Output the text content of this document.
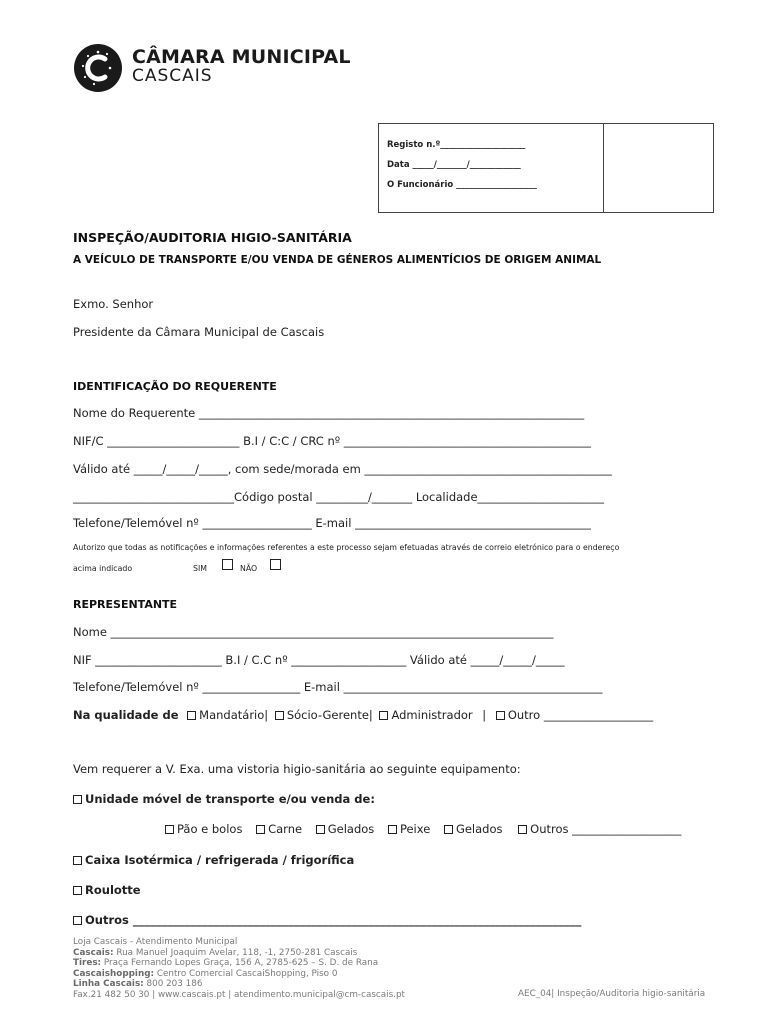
CÂMARA MUNICIPAL
CASCAIS
Registo n.º____________________
Data _____/_______/____________
O Funcionário ___________________
INSPEÇÃO/AUDITORIA HIGIO-SANITÁRIA
A VEÍCULO DE TRANSPORTE E/OU VENDA DE GÉNEROS ALIMENTÍCIOS DE ORIGEM ANIMAL
Exmo. Senhor
Presidente da Câmara Municipal de Cascais
IDENTIFICAÇÃO DO REQUERENTE
Nome do Requerente ___________________________________________________________________
NIF/C _______________________ B.I / C:C / CRC nº ___________________________________________
Válido até _____/_____/_____, com sede/morada em ___________________________________________
____________________________Código postal _________/_______ Localidade______________________
Telefone/Telemóvel nº ___________________ E-mail _________________________________________
Autorizo que todas as notificações e informações referentes a este processo sejam efetuadas através de correio eletrónico para o endereço
acima indicado	SIM	NÃO
REPRESENTANTE
Nome _____________________________________________________________________________
NIF ______________________ B.I / C.C nº ____________________ Válido até _____/_____/_____
Telefone/Telemóvel nº _________________ E-mail _____________________________________________
Na qualidade de Mandatário| Sócio-Gerente| Administrador | Outro ___________________
Vem requerer a V. Exa. uma vistoria higio-sanitária ao seguinte equipamento:
Unidade móvel de transporte e/ou venda de:
Pão e bolos Carne Gelados Peixe Gelados Outros ___________________
Caixa Isotérmica / refrigerada / frigorífica
Roulotte
Outros ______________________________________________________________________________
Loja Cascais - Atendimento Municipal
Cascais: Rua Manuel Joaquim Avelar, 118, -1, 2750-281 Cascais
Tires: Praça Fernando Lopes Graça, 156 A, 2785-625 – S. D. de Rana
Cascaishopping: Centro Comercial CascaiShopping, Piso 0
Linha Cascais: 800 203 186
Fax.21 482 50 30 | www.cascais.pt | atendimento.municipal@cm-cascais.pt	AEC_04| Inspeção/Auditoria higio-sanitária
